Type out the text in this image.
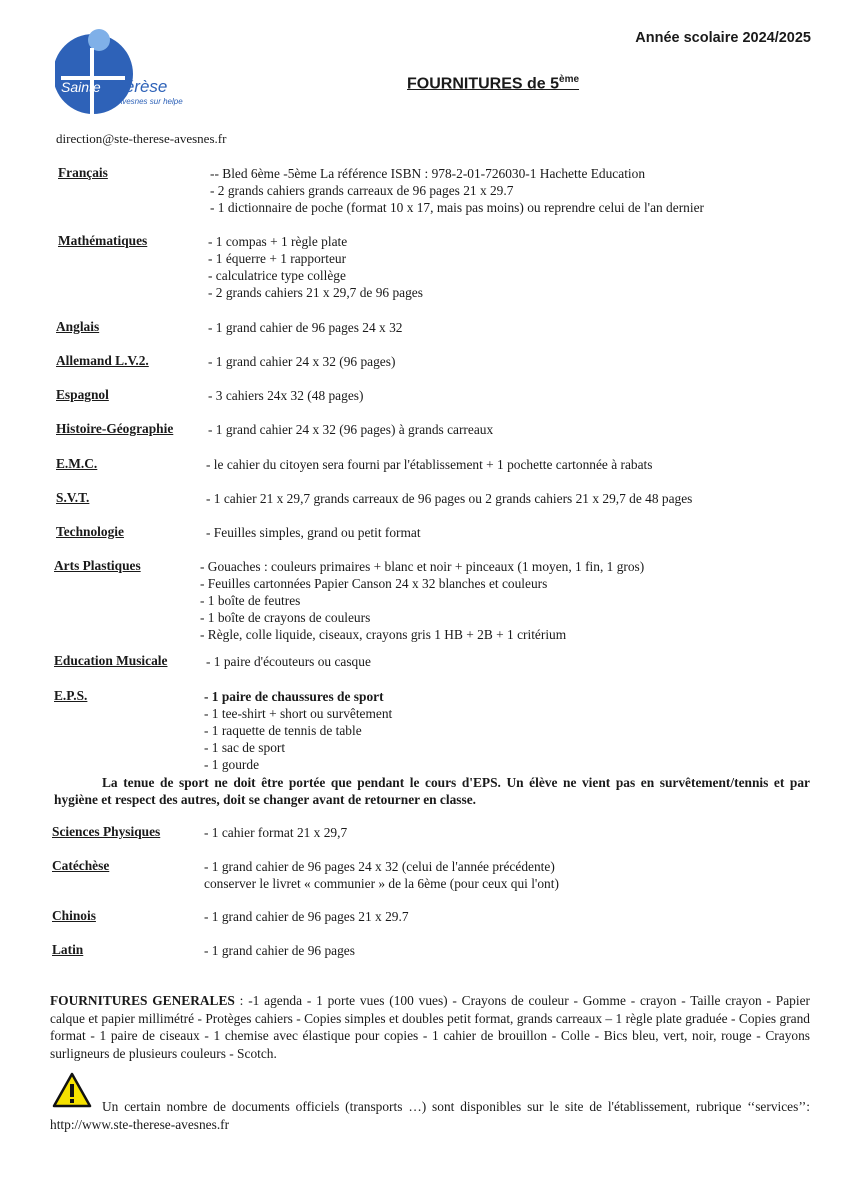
Année scolaire 2024/2025
Sainte Thérèse
Avesnes sur helpe
FOURNITURES de 5ème
direction@ste-therese-avesnes.fr
Français	-- Bled 6ème -5ème La référence ISBN : 978-2-01-726030-1 Hachette Education
- 2 grands cahiers grands carreaux de 96 pages 21 x 29.7
- 1 dictionnaire de poche (format 10 x 17, mais pas moins) ou reprendre celui de l'an dernier
Mathématiques	- 1 compas + 1 règle plate
- 1 équerre + 1 rapporteur
- calculatrice type collège
- 2 grands cahiers 21 x 29,7 de 96 pages
Anglais	- 1 grand cahier de 96 pages 24 x 32
Allemand L.V.2.	- 1 grand cahier 24 x 32 (96 pages)
Espagnol	- 3 cahiers 24x 32 (48 pages)
Histoire-Géographie	- 1 grand cahier 24 x 32 (96 pages) à grands carreaux
E.M.C.	- le cahier du citoyen sera fourni par l'établissement + 1 pochette cartonnée à rabats
S.V.T.	- 1 cahier 21 x 29,7 grands carreaux de 96 pages ou 2 grands cahiers 21 x 29,7 de 48 pages
Technologie	- Feuilles simples, grand ou petit format
Arts Plastiques	- Gouaches : couleurs primaires + blanc et noir + pinceaux (1 moyen, 1 fin, 1 gros)
- Feuilles cartonnées Papier Canson 24 x 32 blanches et couleurs
- 1 boîte de feutres
- 1 boîte de crayons de couleurs
- Règle, colle liquide, ciseaux, crayons gris 1 HB + 2B + 1 critérium
Education Musicale	- 1 paire d'écouteurs ou casque
E.P.S.	- 1 paire de chaussures de sport
- 1 tee-shirt + short ou survêtement
- 1 raquette de tennis de table
- 1 sac de sport
- 1 gourde
Sciences Physiques	- 1 cahier format 21 x 29,7
Catéchèse	- 1 grand cahier de 96 pages 24 x 32 (celui de l'année précédente)
conserver le livret « communier » de la 6ème (pour ceux qui l'ont)
Chinois	- 1 grand cahier de 96 pages 21 x 29.7
Latin	- 1 grand cahier de 96 pages
La tenue de sport ne doit être portée que pendant le cours d'EPS. Un élève ne vient pas en survêtement/tennis et par hygiène et respect des autres, doit se changer avant de retourner en classe.
FOURNITURES GENERALES : -1 agenda - 1 porte vues (100 vues) - Crayons de couleur - Gomme - crayon - Taille crayon - Papier calque et papier millimétré - Protèges cahiers - Copies simples et doubles petit format, grands carreaux – 1 règle plate graduée - Copies grand format - 1 paire de ciseaux - 1 chemise avec élastique pour copies - 1 cahier de brouillon - Colle - Bics bleu, vert, noir, rouge - Crayons surligneurs de plusieurs couleurs - Scotch.
Un certain nombre de documents officiels (transports …) sont disponibles sur le site de l'établissement, rubrique ‘‘services’’: http://www.ste-therese-avesnes.fr
